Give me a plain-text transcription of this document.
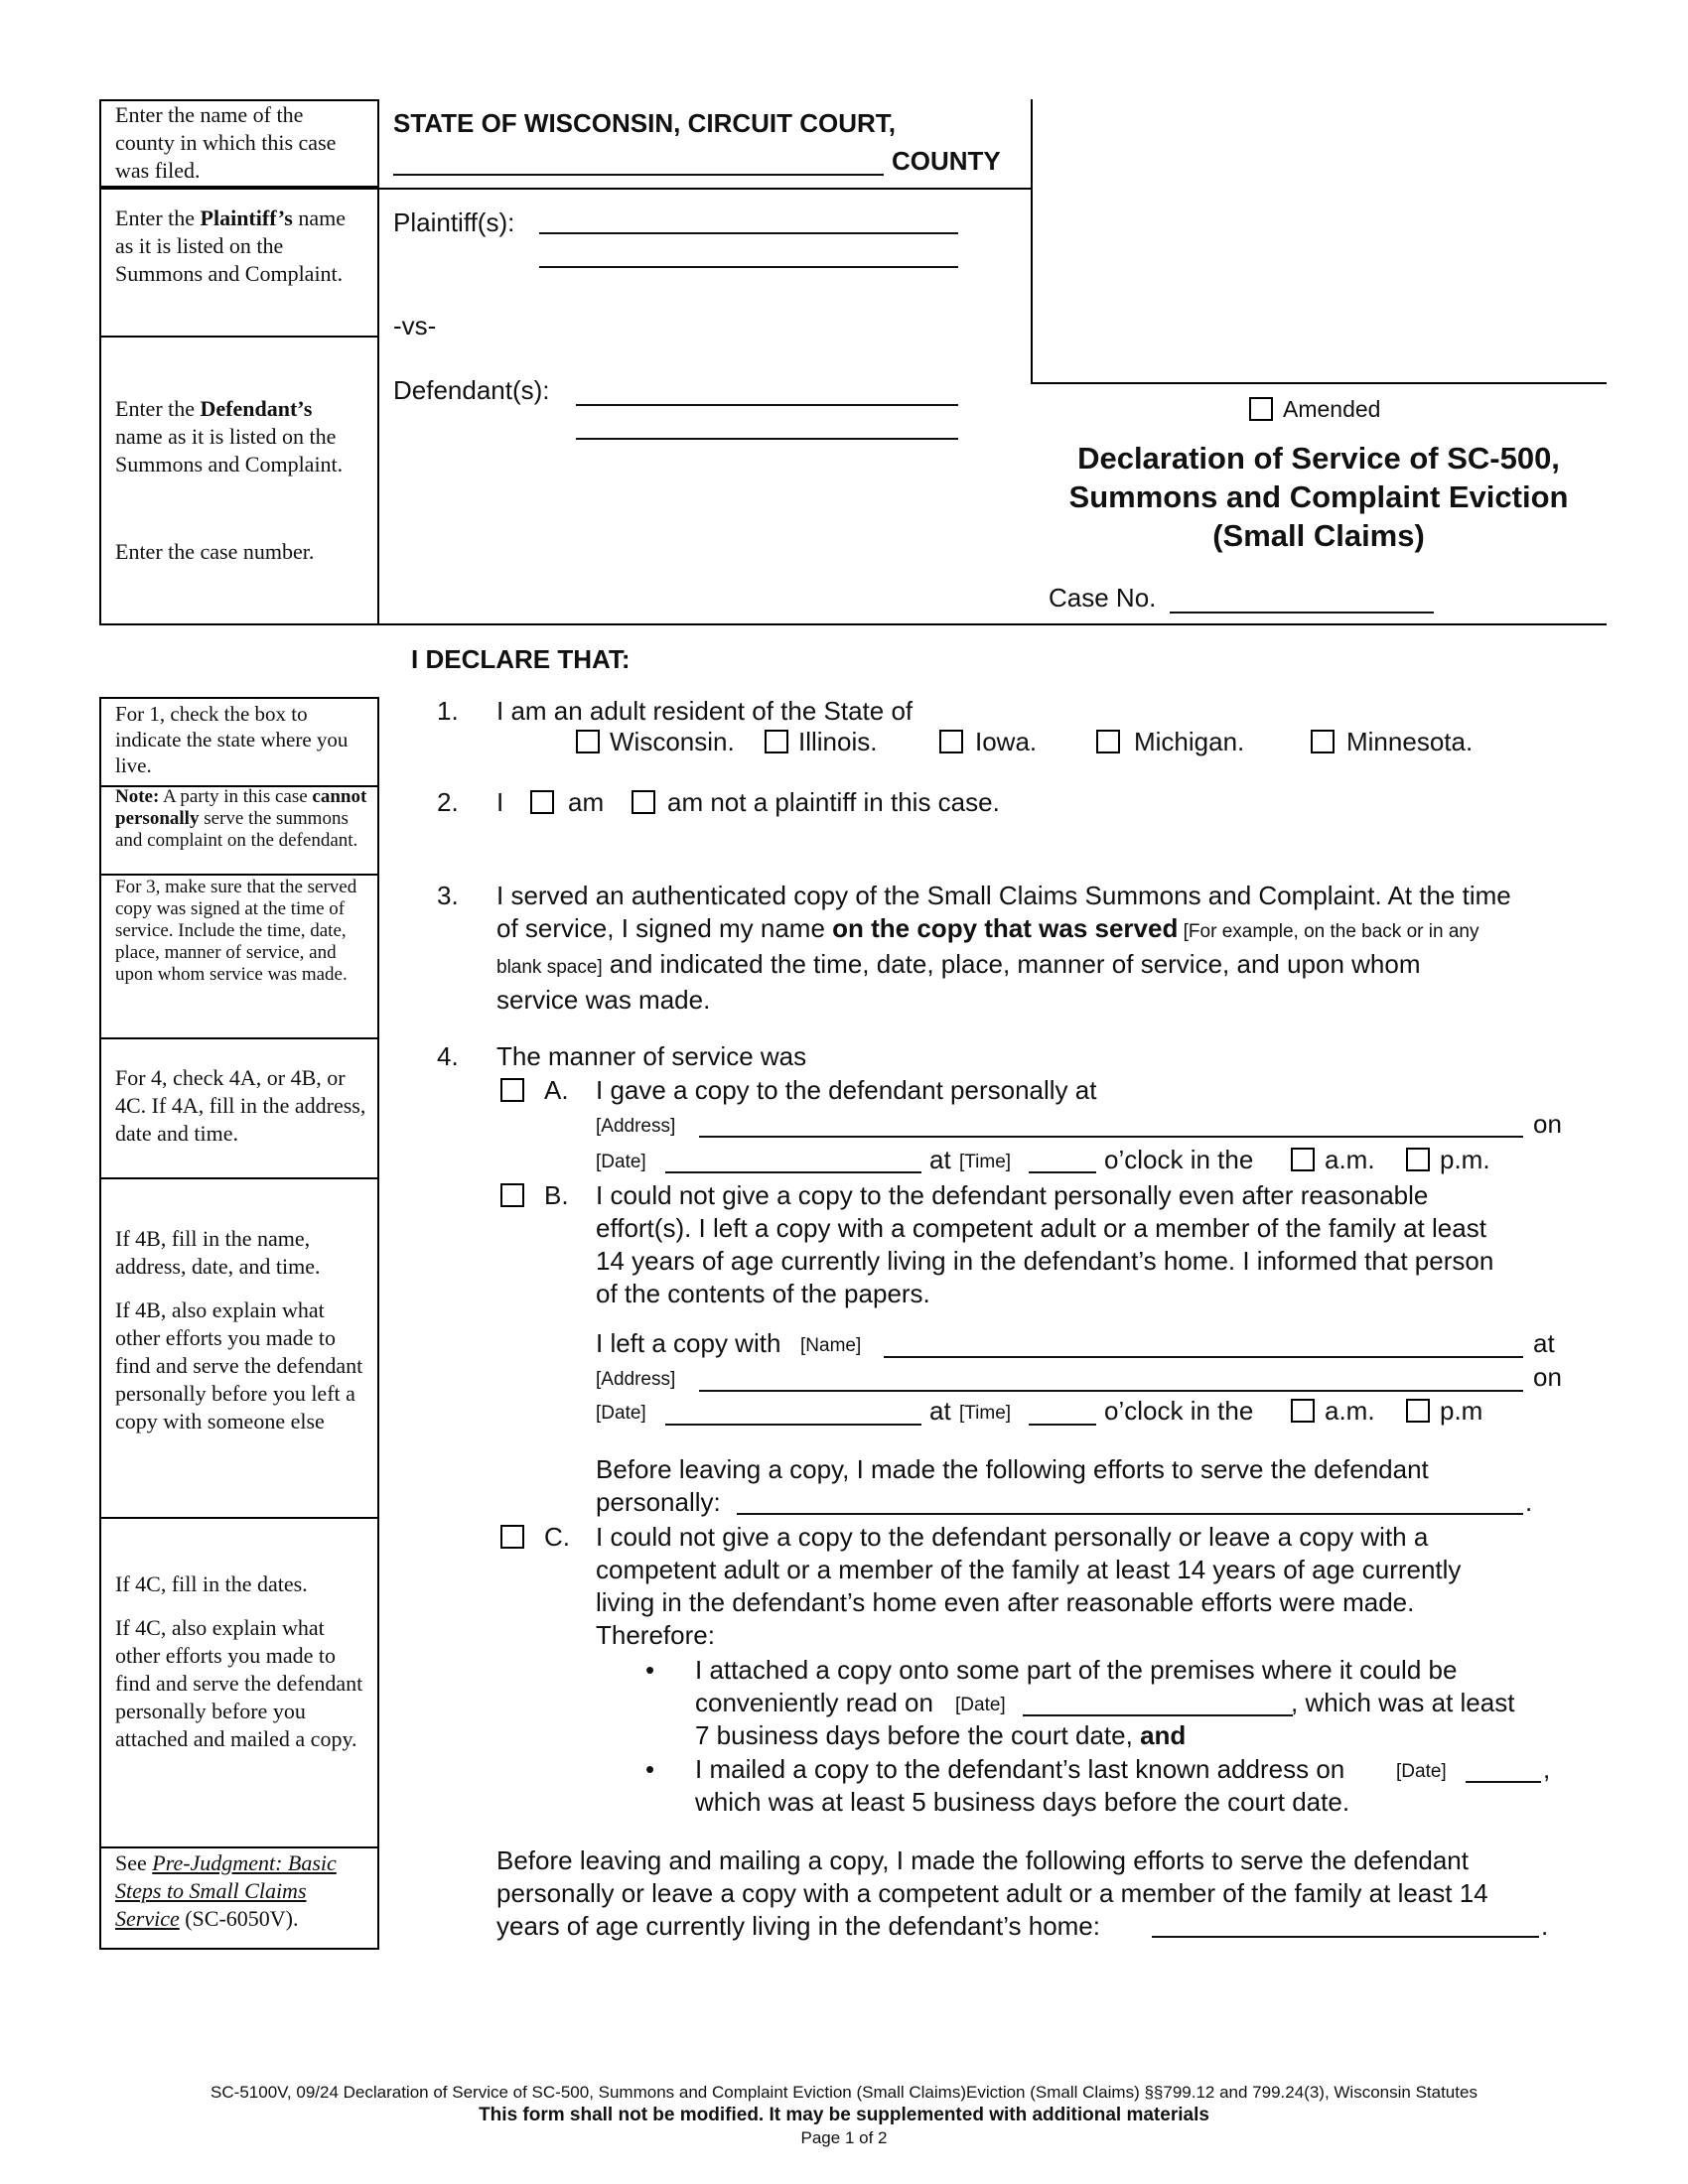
Enter the name of the county in which this case was filed.
Enter the Plaintiff’s name as it is listed on the Summons and Complaint.
Enter the Defendant’s name as it is listed on the Summons and Complaint.
Enter the case number.
STATE OF WISCONSIN, CIRCUIT COURT,
COUNTY
Plaintiff(s):
-vs-
Defendant(s):
Amended
Declaration of Service of SC-500,
Summons and Complaint Eviction
(Small Claims)
Case No.
For 1, check the box to indicate the state where you live.
Note: A party in this case cannot personally serve the summons and complaint on the defendant.
For 3, make sure that the served copy was signed at the time of service. Include the time, date, place, manner of service, and upon whom service was made.
For 4, check 4A, or 4B, or 4C. If 4A, fill in the address, date and time.
If 4B, fill in the name, address, date, and time.
If 4B, also explain what other efforts you made to find and serve the defendant personally before you left a copy with someone else
If 4C, fill in the dates.
If 4C, also explain what other efforts you made to find and serve the defendant personally before you attached and mailed a copy.
See Pre-Judgment: Basic Steps to Small Claims Service (SC-6050V).
I DECLARE THAT:
1. I am an adult resident of the State of
Wisconsin. Illinois.	Iowa.	Michigan.	Minnesota.
2. I am am not a plaintiff in this case.
3. I served an authenticated copy of the Small Claims Summons and Complaint. At the time
of service, I signed my name on the copy that was served [For example, on the back or in any
blank space] and indicated the time, date, place, manner of service, and upon whom
service was made.
4. The manner of service was
A. I gave a copy to the defendant personally at
[Address]	on
[Date]	at [Time]	o’clock in the	a.m.	p.m.
B. I could not give a copy to the defendant personally even after reasonable
effort(s). I left a copy with a competent adult or a member of the family at least
14 years of age currently living in the defendant’s home. I informed that person
of the contents of the papers.
I left a copy with [Name]	at
[Address]	on
[Date]	at [Time]	o’clock in the	a.m.	p.m
Before leaving a copy, I made the following efforts to serve the defendant
personally:	.
C. I could not give a copy to the defendant personally or leave a copy with a
competent adult or a member of the family at least 14 years of age currently
living in the defendant’s home even after reasonable efforts were made.
Therefore:
• I attached a copy onto some part of the premises where it could be
conveniently read on [Date]	, which was at least
7 business days before the court date, and
• I mailed a copy to the defendant’s last known address on	[Date]	,
which was at least 5 business days before the court date.
Before leaving and mailing a copy, I made the following efforts to serve the defendant
personally or leave a copy with a competent adult or a member of the family at least 14
years of age currently living in the defendant’s home:	.
SC-5100V, 09/24 Declaration of Service of SC-500, Summons and Complaint Eviction (Small Claims)Eviction (Small Claims) §§799.12 and 799.24(3), Wisconsin Statutes
This form shall not be modified. It may be supplemented with additional materials
Page 1 of 2
